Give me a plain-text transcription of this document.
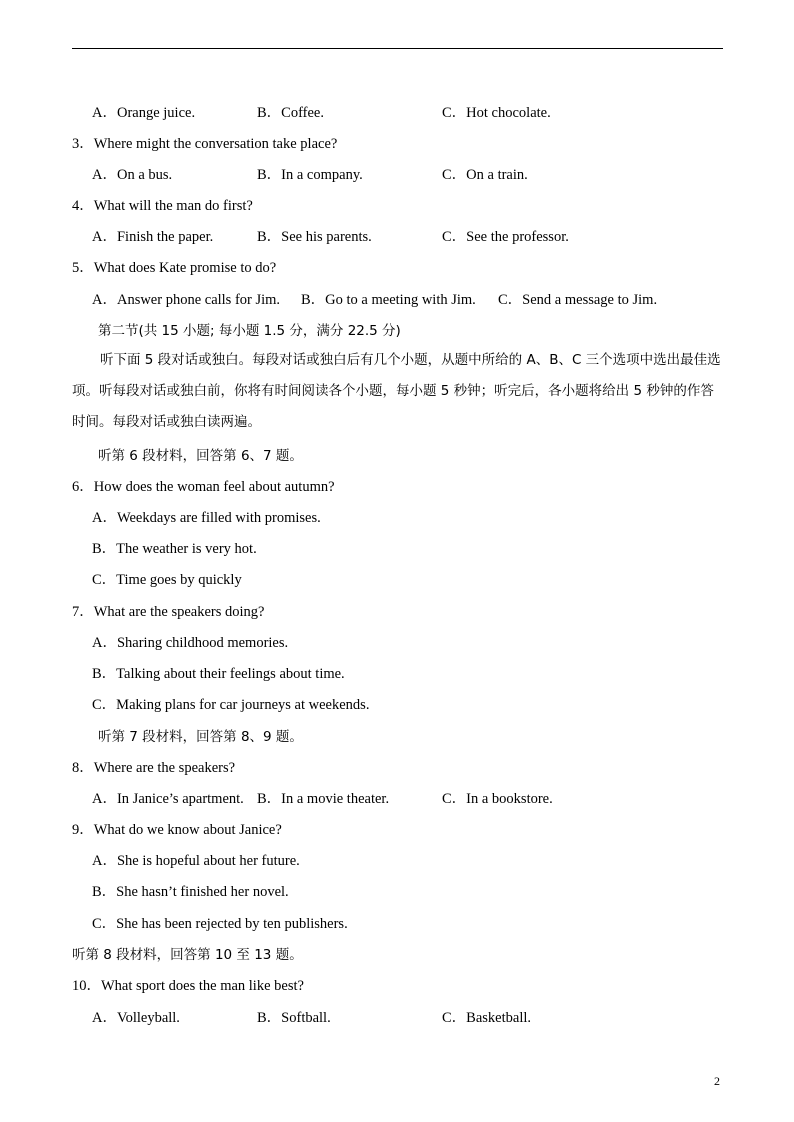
A．Orange juice.	B．Coffee.	C．Hot chocolate.
3．Where might the conversation take place?
A．On a bus.	B．In a company.	C．On a train.
4．What will the man do first?
A．Finish the paper.	B．See his parents.	C．See the professor.
5．What does Kate promise to do?
A．Answer phone calls for Jim. B．Go to a meeting with Jim. C．Send a message to Jim.
第二节(共 15 小题; 每小题 1.5 分，满分 22.5 分)
听下面 5 段对话或独白。每段对话或独白后有几个小题，从题中所给的 A、B、C 三个选项中选出最佳选项。听每段对话或独白前，你将有时间阅读各个小题，每小题 5 秒钟；听完后，各小题将给出 5 秒钟的作答时间。每段对话或独白读两遍。
听第 6 段材料，回答第 6、7 题。
6．How does the woman feel about autumn?
A．Weekdays are filled with promises.
B．The weather is very hot.
C．Time goes by quickly
7．What are the speakers doing?
A．Sharing childhood memories.
B．Talking about their feelings about time.
C．Making plans for car journeys at weekends.
听第 7 段材料，回答第 8、9 题。
8．Where are the speakers?
A．In Janice’s apartment. B．In a movie theater.	C．In a bookstore.
9．What do we know about Janice?
A．She is hopeful about her future.
B．She hasn’t finished her novel.
C．She has been rejected by ten publishers.
听第 8 段材料，回答第 10 至 13 题。
10．What sport does the man like best?
A．Volleyball.	B．Softball.	C．Basketball.
2
